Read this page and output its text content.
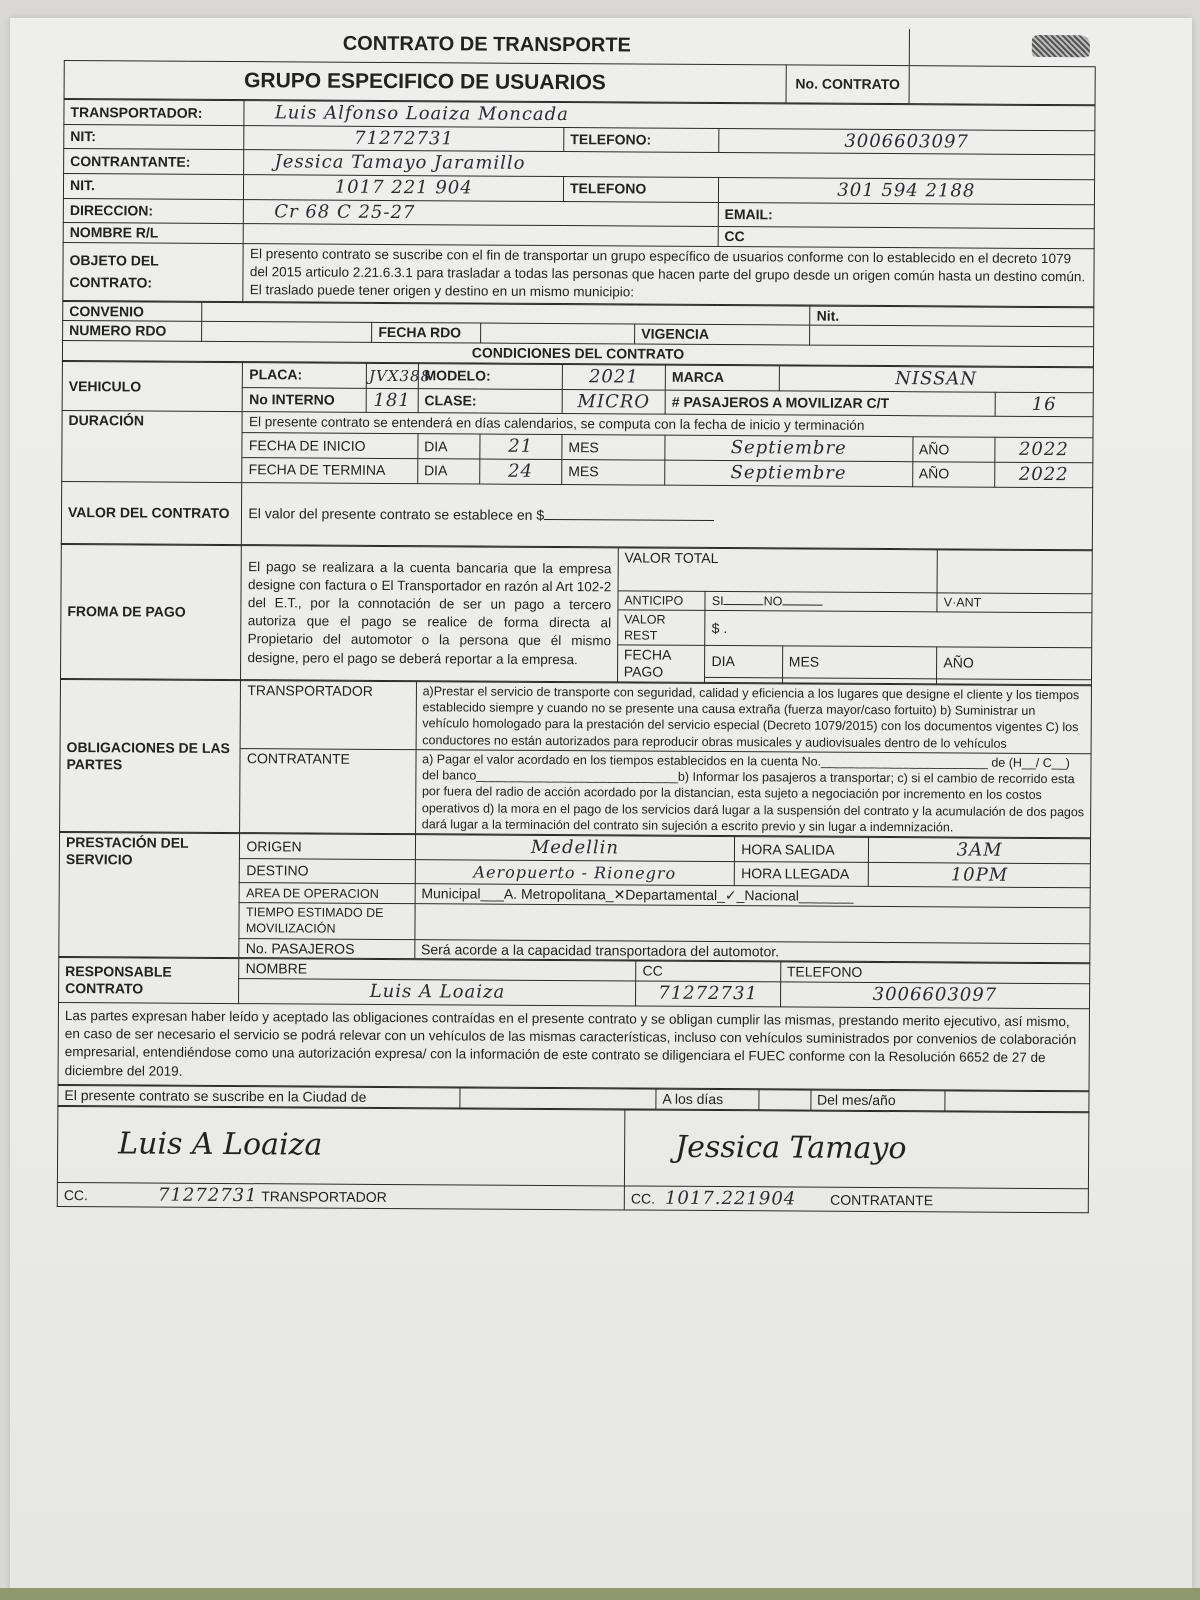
CONTRATO DE TRANSPORTE		
GRUPO ESPECIFICO DE USUARIOS	No. CONTRATO	
TRANSPORTADOR:	Luis Alfonso Loaiza Moncada		
NIT:	71272731	TELEFONO:	3006603097
CONTRANTANTE:	Jessica Tamayo Jaramillo		
NIT.	1017 221 904	TELEFONO	301 594 2188
DIRECCION:	Cr 68 C 25-27		EMAIL:
NOMBRE R/L			CC
OBJETO DEL CONTRATO:	El presento contrato se suscribe con el fin de transportar un grupo específico de usuarios conforme con lo establecido en el decreto 1079 del 2015 articulo 2.21.6.3.1 para trasladar a todas las personas que hacen parte del grupo desde un origen común hasta un destino común. El traslado puede tener origen y destino en un mismo municipio:		
CONVENIO					Nit.
NUMERO RDO		FECHA RDO		VIGENCIA	
CONDICIONES DEL CONTRATO					
VEHICULO	PLACA:	JVX388	MODELO:		2021	MARCA	NISSAN		
	No INTERNO	181	CLASE:		MICRO	# PASAJEROS A MOVILIZAR C/T			16
DURACIÓN	El presente contrato se entenderá en días calendarios, se computa con la fecha de inicio y terminación								
	FECHA DE INICIO		DIA	21	MES	Septiembre		AÑO	2022
	FECHA DE TERMINA		DIA	24	MES	Septiembre		AÑO	2022
VALOR DEL CONTRATO	El valor del presente contrato se establece en $								
FROMA DE PAGO	El pago se realizara a la cuenta bancaria que la empresa designe con factura o El Transportador en razón al Art 102-2 del E.T., por la connotación de ser un pago a tercero autoriza que el pago se realice de forma directa al Propietario del automotor o la persona que él mismo designe, pero el pago se deberá reportar a la empresa.	VALOR TOTAL			
		ANTICIPO	SI NO		V·ANT
		VALOR REST	$ .		
		FECHA PAGO	DIA	MES	AÑO

OBLIGACIONES DE LAS PARTES	TRANSPORTADOR	a)Prestar el servicio de transporte con seguridad, calidad y eficiencia a los lugares que designe el cliente y los tiempos establecido siempre y cuando no se presente una causa extraña (fuerza mayor/caso fortuito) b) Suministrar un vehículo homologado para la prestación del servicio especial (Decreto 1079/2015) con los documentos vigentes C) los conductores no están autorizados para reproducir obras musicales y audiovisuales dentro de lo vehículos
	CONTRATANTE	a) Pagar el valor acordado en los tiempos establecidos en la cuenta No.________________________ de (H__/ C__) del banco_____________________________b) Informar los pasajeros a transportar; c) si el cambio de recorrido esta por fuera del radio de acción acordado por la distancian, esta sujeto a negociación por incremento en los costos operativos d) la mora en el pago de los servicios dará lugar a la suspensión del contrato y la acumulación de dos pagos dará lugar a la terminación del contrato sin sujeción a escrito previo y sin lugar a indemnización.
PRESTACIÓN DEL SERVICIO	ORIGEN	Medellin	HORA SALIDA	3AM
	DESTINO	Aeropuerto - Rionegro	HORA LLEGADA	10PM
	AREA DE OPERACION	Municipal___A. Metropolitana_✕Departamental_✓_Nacional_______		
	TIEMPO ESTIMADO DE MOVILIZACIÓN			
	No. PASAJEROS	Será acorde a la capacidad transportadora del automotor.		
RESPONSABLE CONTRATO	NOMBRE	CC	TELEFONO
	Luis A Loaiza	71272731	3006603097
Las partes expresan haber leído y aceptado las obligaciones contraídas en el presente contrato y se obligan cumplir las mismas, prestando merito ejecutivo, así mismo, en caso de ser necesario el servicio se podrá relevar con un vehículos de las mismas características, incluso con vehículos suministrados por convenios de colaboración empresarial, entendiéndose como una autorización expresa/ con la información de este contrato se diligenciara el FUEC conforme con la Resolución 6652 de 27 de diciembre del 2019.			
El presente contrato se suscribe en la Ciudad de		A los días		Del mes/año	
Luis A Loaiza	Jessica Tamayo
CC. 71272731 TRANSPORTADOR	CC. 1017.221904 CONTRATANTE
